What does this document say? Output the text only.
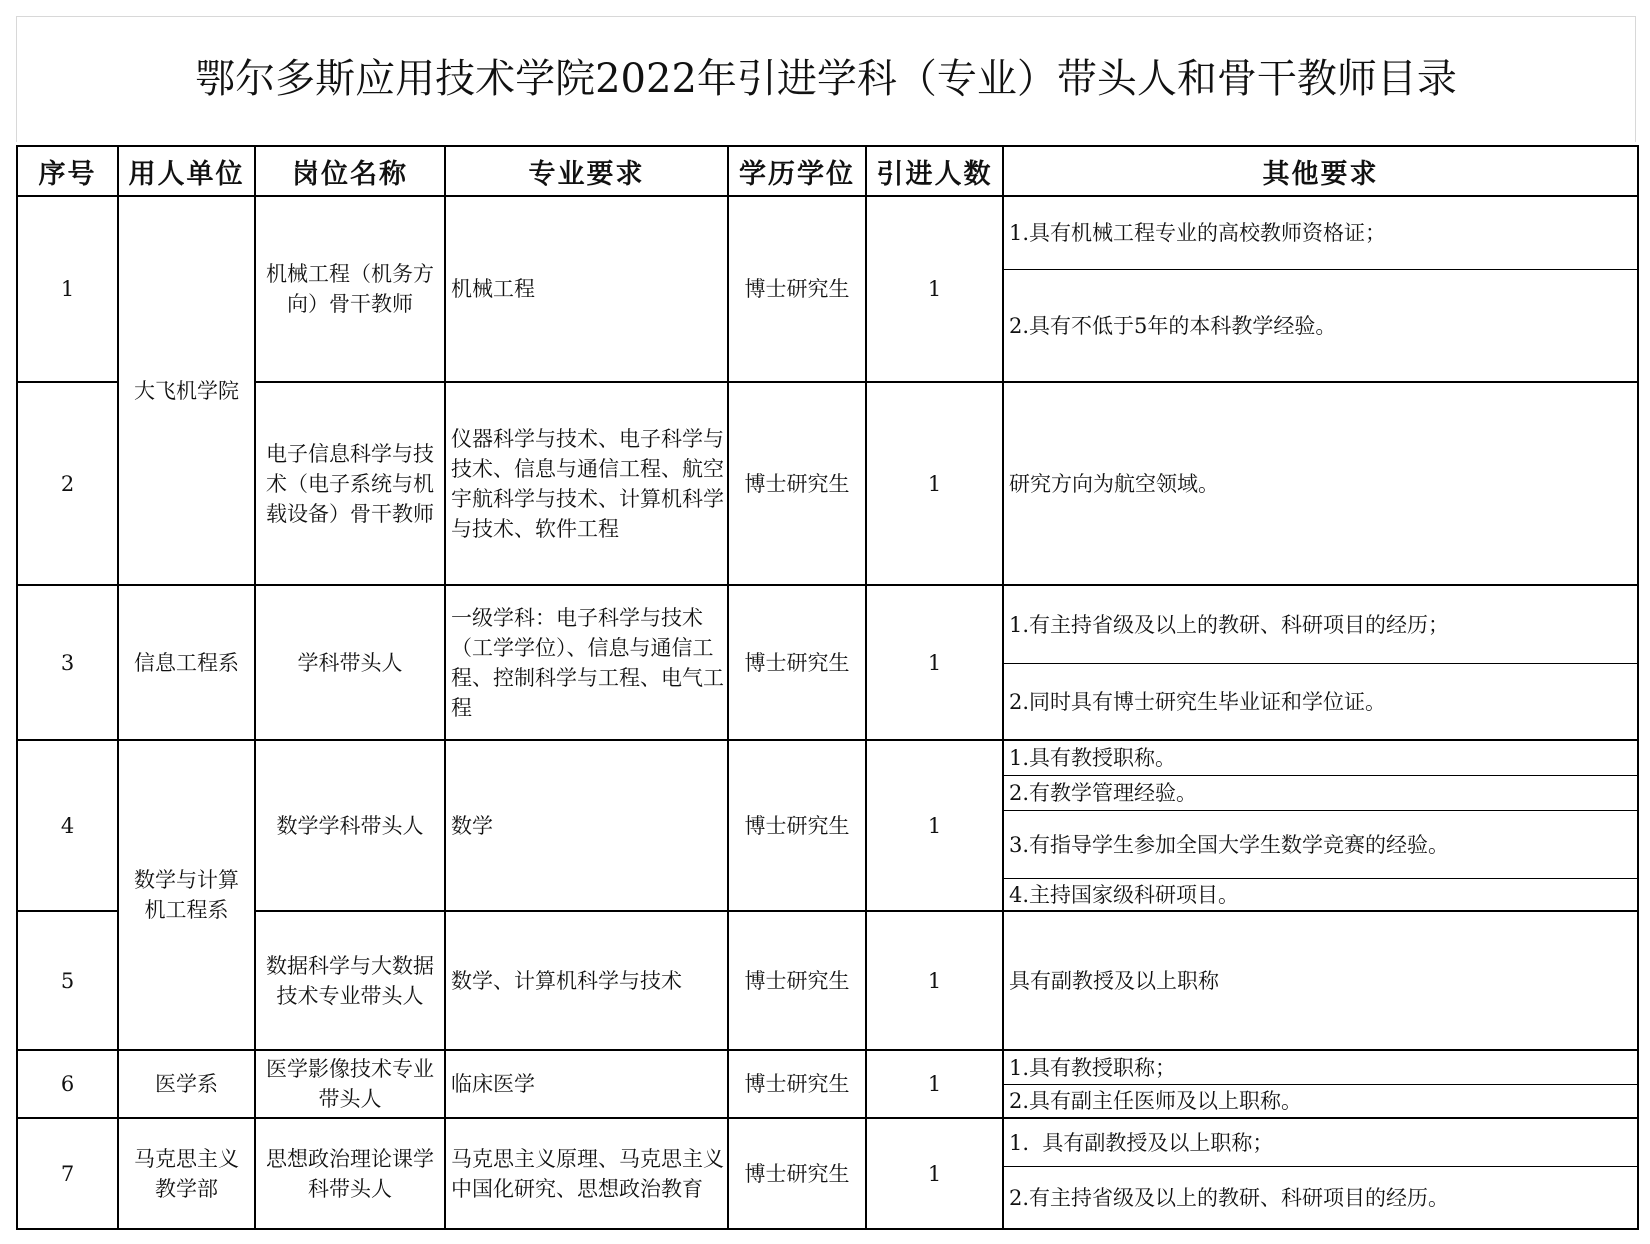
鄂尔多斯应用技术学院2022年引进学科（专业）带头人和骨干教师目录
序号	用人单位	岗位名称	专业要求	学历学位	引进人数	其他要求
1	大飞机学院	机械工程（机务方向）骨干教师	机械工程	博士研究生	1	1.具有机械工程专业的高校教师资格证；
2.具有不低于5年的本科教学经验。

2		电子信息科学与技术（电子系统与机载设备）骨干教师	仪器科学与技术、电子科学与技术、信息与通信工程、航空宇航科学与技术、计算机科学与技术、软件工程	博士研究生	1	研究方向为航空领域。
3	信息工程系	学科带头人	一级学科：电子科学与技术（工学学位）、信息与通信工程、控制科学与工程、电气工程	博士研究生	1	1.有主持省级及以上的教研、科研项目的经历；
2.同时具有博士研究生毕业证和学位证。

4	数学与计算机工程系	数学学科带头人	数学	博士研究生	1	1.具有教授职称。
2.有教学管理经验。
3.有指导学生参加全国大学生数学竞赛的经验。
4.主持国家级科研项目。

5		数据科学与大数据技术专业带头人	数学、计算机科学与技术	博士研究生	1	具有副教授及以上职称
6	医学系	医学影像技术专业带头人	临床医学	博士研究生	1	1.具有教授职称；
2.具有副主任医师及以上职称。

7	马克思主义教学部	思想政治理论课学科带头人	马克思主义原理、马克思主义中国化研究、思想政治教育	博士研究生	1	1.  具有副教授及以上职称；
2.有主持省级及以上的教研、科研项目的经历。
